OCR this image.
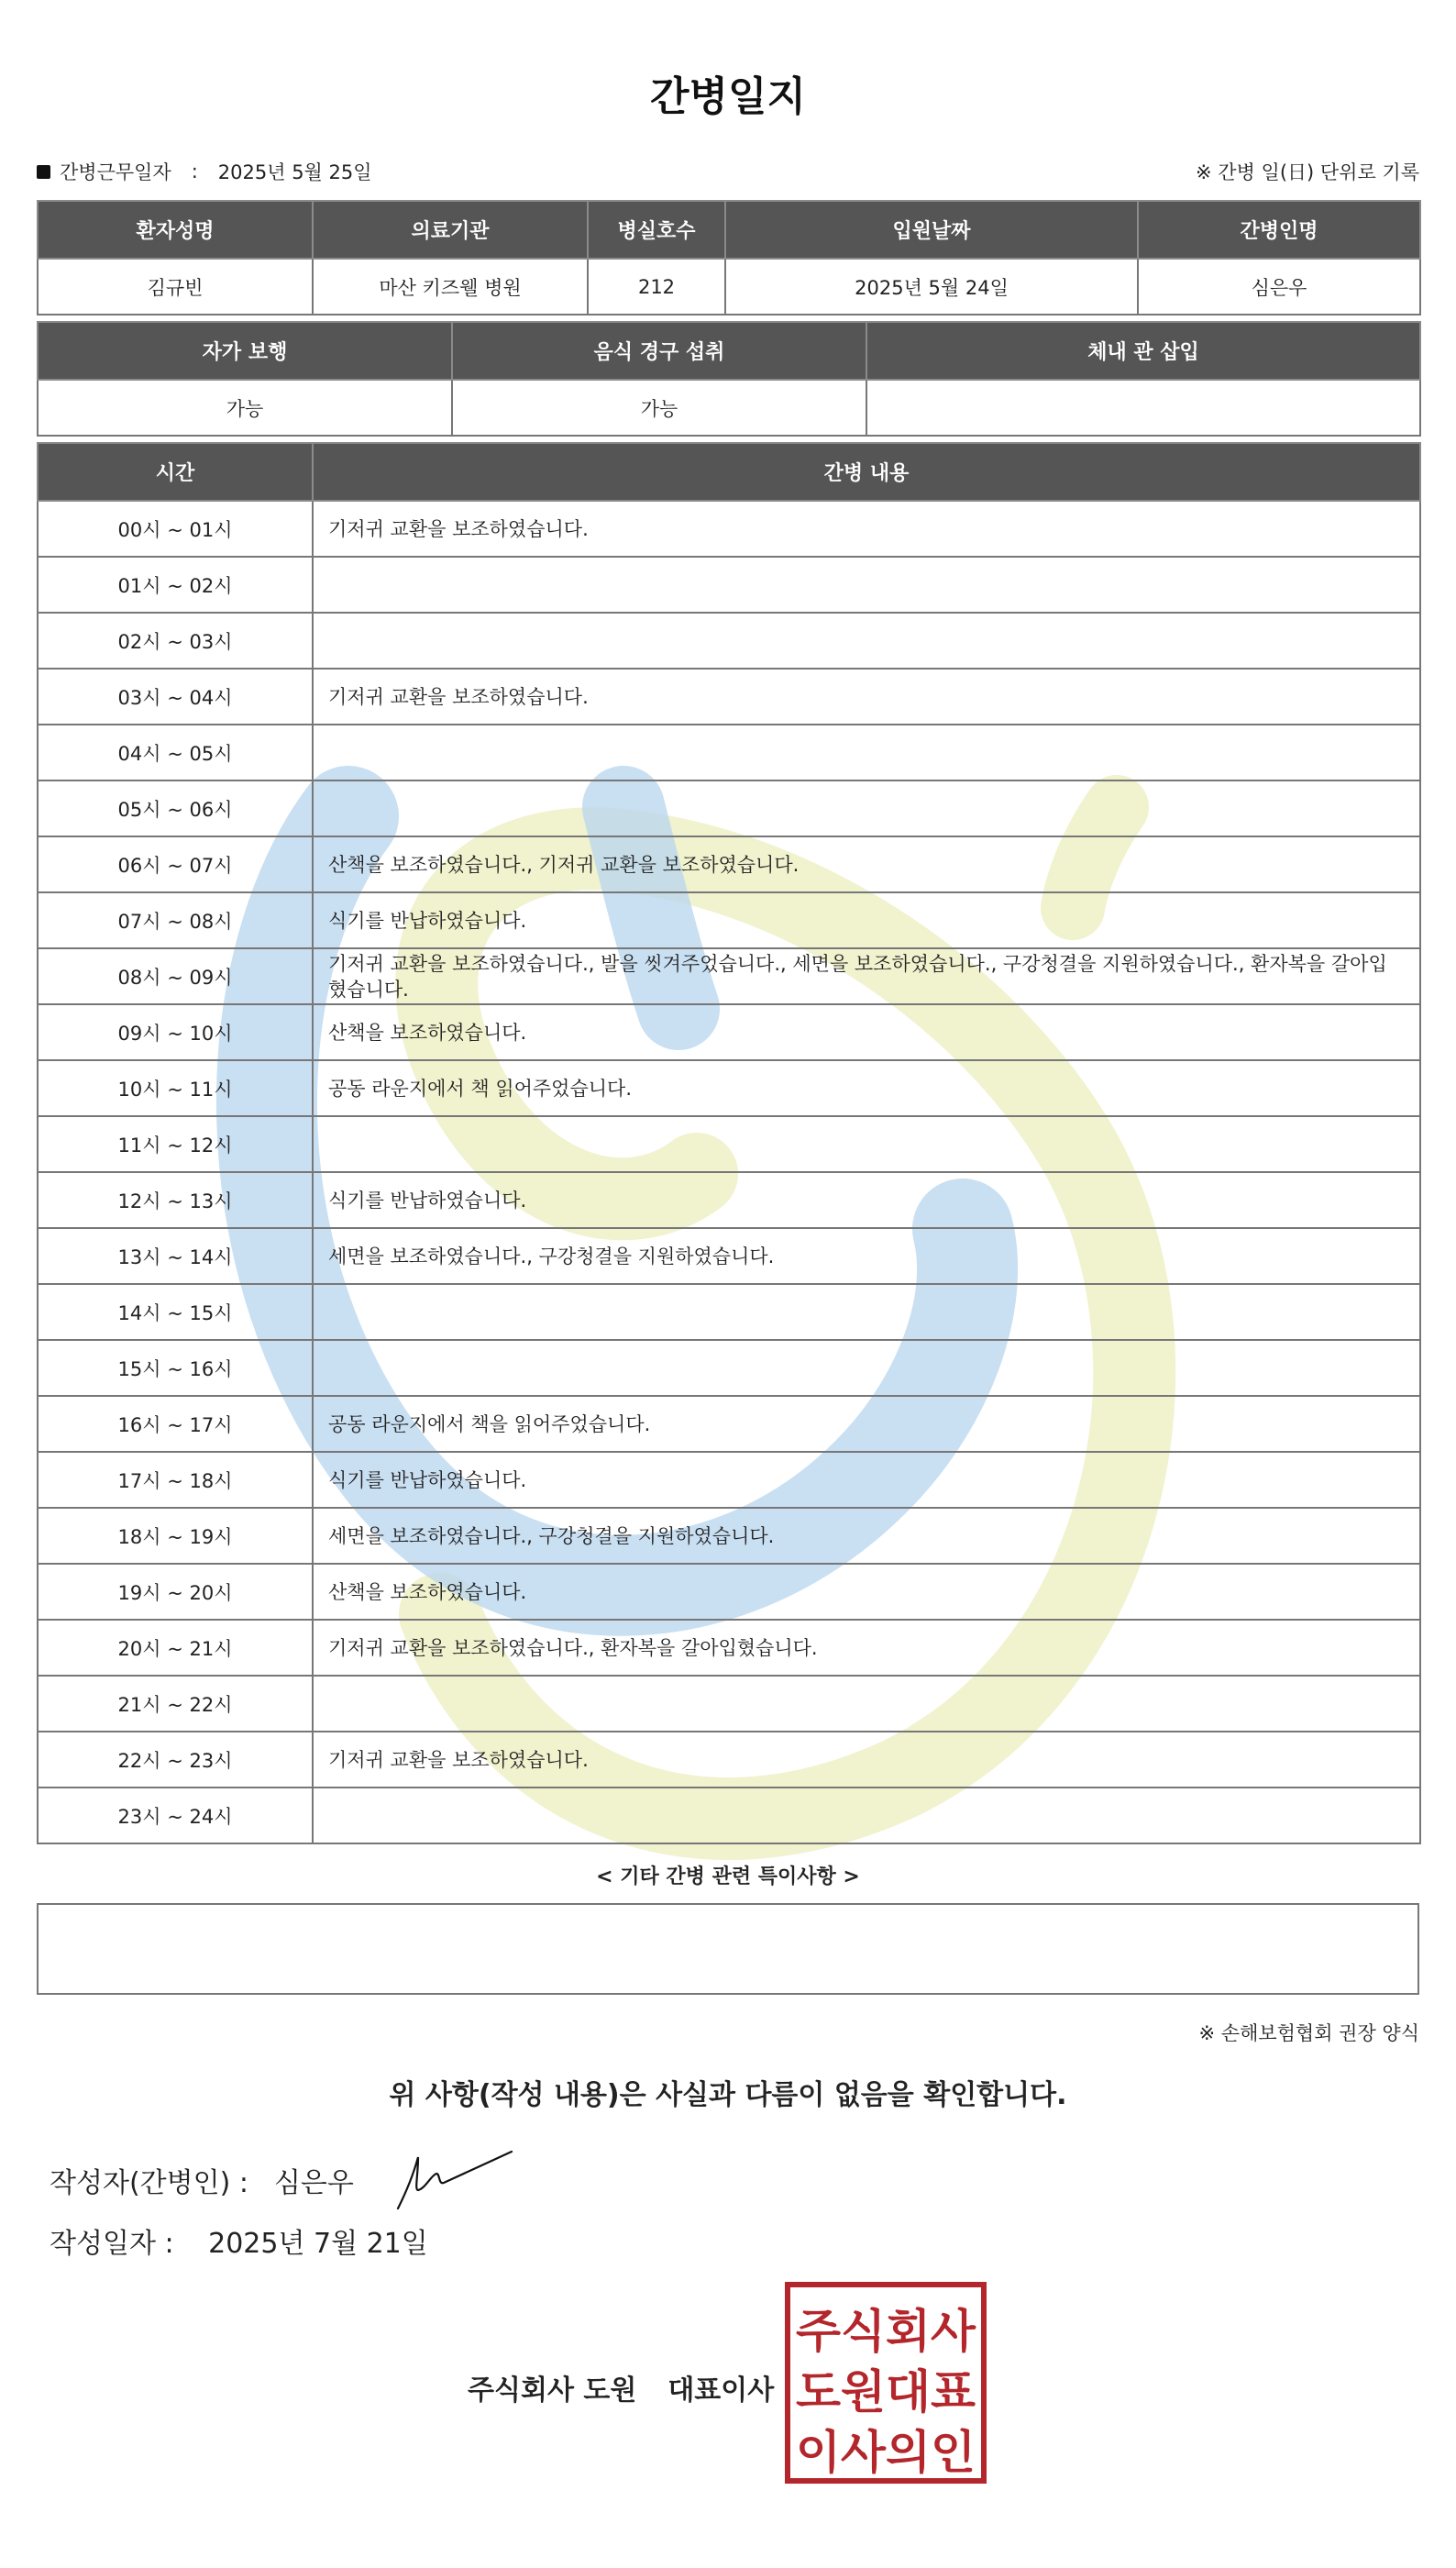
간병일지
간병근무일자 : 2025년 5월 25일	※ 간병 일(日) 단위로 기록
환자성명	의료기관	병실호수	입원날짜	간병인명
김규빈	마산 키즈웰 병원	212	2025년 5월 24일	심은우
자가 보행	음식 경구 섭취	체내 관 삽입
가능	가능	
시간	간병 내용
00시 ~ 01시	기저귀 교환을 보조하였습니다.
01시 ~ 02시	
02시 ~ 03시	
03시 ~ 04시	기저귀 교환을 보조하였습니다.
04시 ~ 05시	
05시 ~ 06시	
06시 ~ 07시	산책을 보조하였습니다., 기저귀 교환을 보조하였습니다.
07시 ~ 08시	식기를 반납하였습니다.
08시 ~ 09시	기저귀 교환을 보조하였습니다., 발을 씻겨주었습니다., 세면을 보조하였습니다., 구강청결을 지원하였습니다., 환자복을 갈아입혔습니다.
09시 ~ 10시	산책을 보조하였습니다.
10시 ~ 11시	공동 라운지에서 책 읽어주었습니다.
11시 ~ 12시	
12시 ~ 13시	식기를 반납하였습니다.
13시 ~ 14시	세면을 보조하였습니다., 구강청결을 지원하였습니다.
14시 ~ 15시	
15시 ~ 16시	
16시 ~ 17시	공동 라운지에서 책을 읽어주었습니다.
17시 ~ 18시	식기를 반납하였습니다.
18시 ~ 19시	세면을 보조하였습니다., 구강청결을 지원하였습니다.
19시 ~ 20시	산책을 보조하였습니다.
20시 ~ 21시	기저귀 교환을 보조하였습니다., 환자복을 갈아입혔습니다.
21시 ~ 22시	
22시 ~ 23시	기저귀 교환을 보조하였습니다.
23시 ~ 24시	
< 기타 간병 관련 특이사항 >
※ 손해보험협회 권장 양식
위 사항(작성 내용)은 사실과 다름이 없음을 확인합니다.
작성자(간병인) : 심은우
작성일자 : 2025년 7월 21일
주식회사 도원 대표이사
주식회사
도원대표
이사의인
